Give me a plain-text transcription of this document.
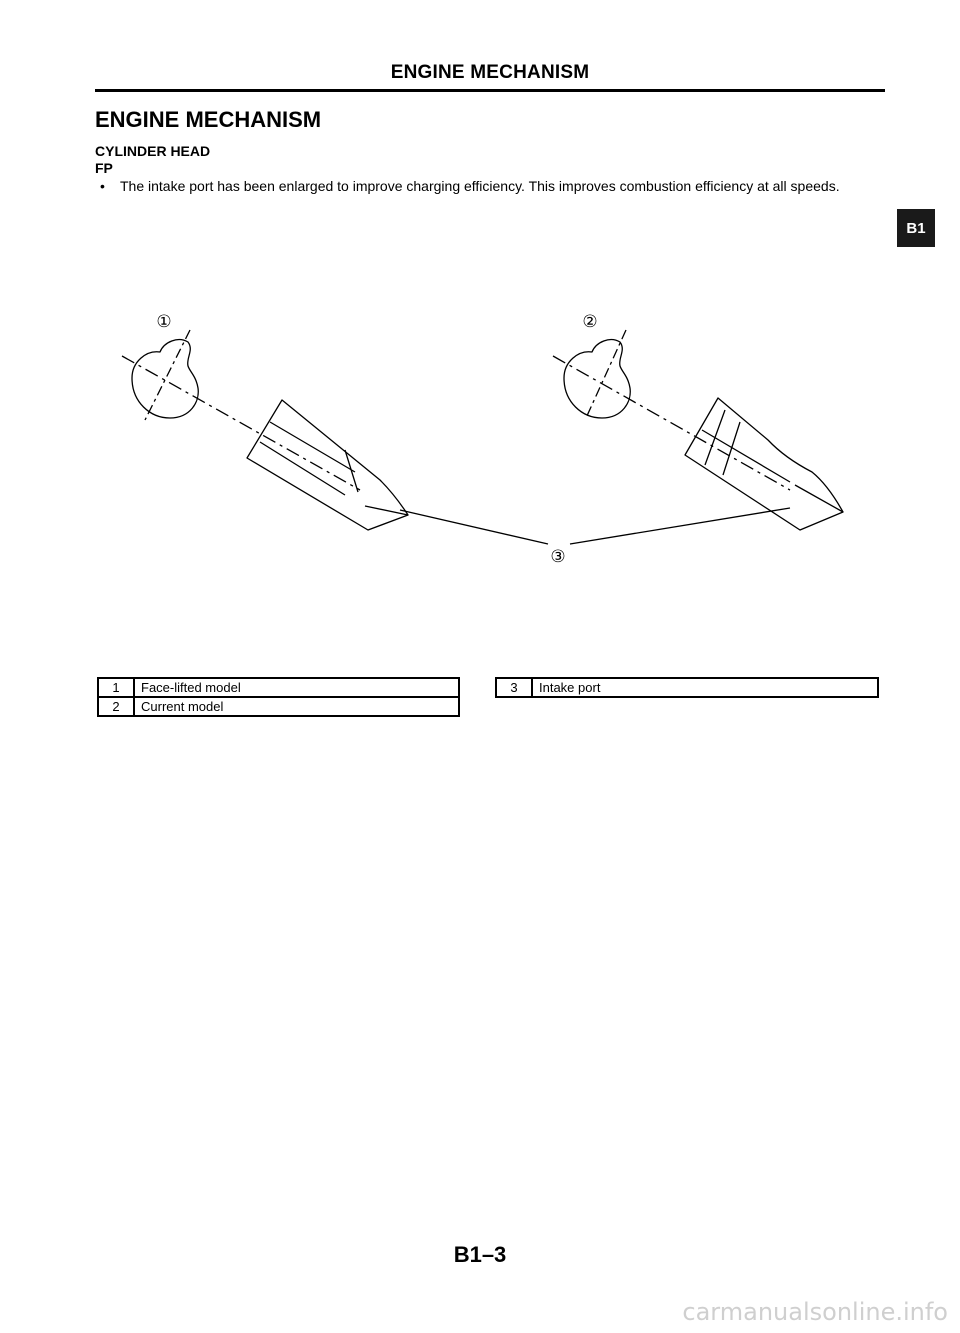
ENGINE MECHANISM
ENGINE MECHANISM
CYLINDER HEAD
FP
•	The intake port has been enlarged to improve charging efficiency. This improves combustion efficiency at all speeds.
B1
①	②
③
1	Face-lifted model
2	Current model
3	Intake port
B1–3
carmanualsonline.info
